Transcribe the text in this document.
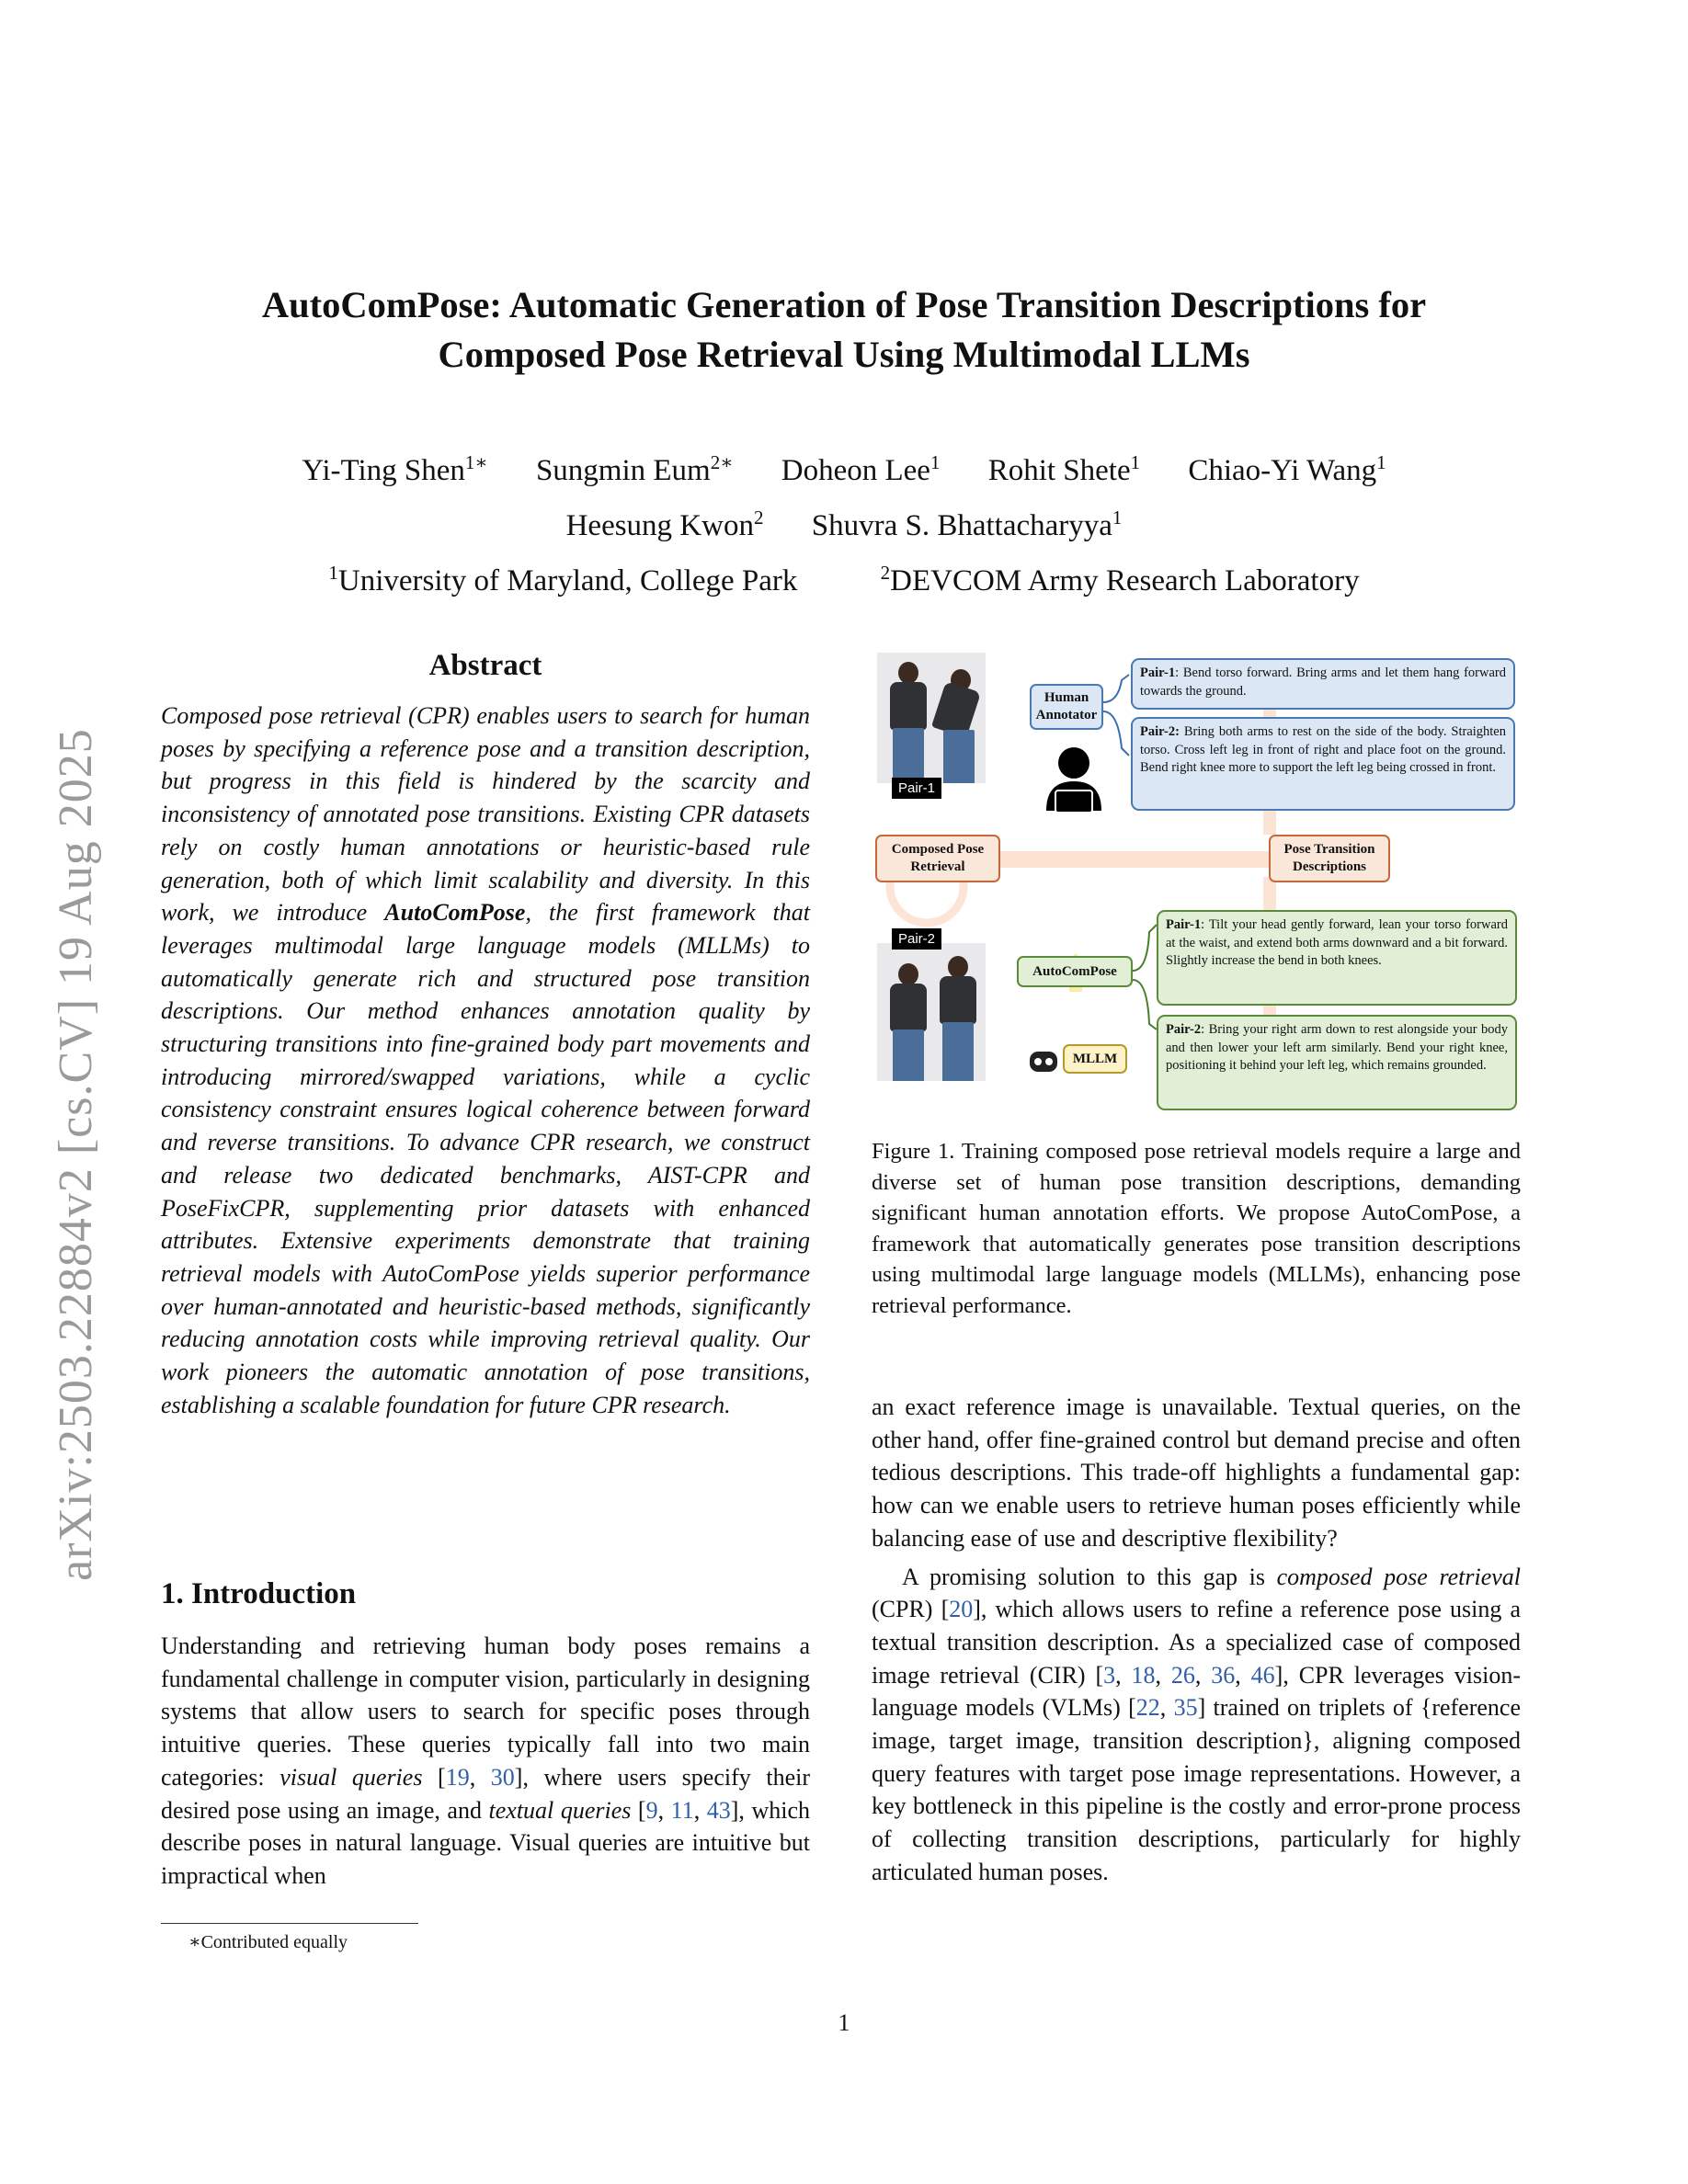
arXiv:2503.22884v2 [cs.CV] 19 Aug 2025
AutoComPose: Automatic Generation of Pose Transition Descriptions for
Composed Pose Retrieval Using Multimodal LLMs
Yi-Ting Shen$^{1∗}$ Sungmin Eum$^{2∗}$ Doheon Lee$^1$ Rohit Shete$^1$ Chiao-Yi Wang$^1$
Heesung Kwon$^2$ Shuvra S. Bhattacharyya$^1$
$^1$University of Maryland, College Park	$^2$DEVCOM Army Research Laboratory
Abstract
Composed pose retrieval (CPR) enables users to search for human poses by specifying a reference pose and a transition description, but progress in this field is hindered by the scarcity and inconsistency of annotated pose transitions. Existing CPR datasets rely on costly human annotations or heuristic-based rule generation, both of which limit scalability and diversity. In this work, we introduce AutoComPose, the first framework that leverages multimodal large language models (MLLMs) to automatically generate rich and structured pose transition descriptions. Our method enhances annotation quality by structuring transitions into fine-grained body part movements and introducing mirrored/swapped variations, while a cyclic consistency constraint ensures logical coherence between forward and reverse transitions. To advance CPR research, we construct and release two dedicated benchmarks, AIST-CPR and PoseFixCPR, supplementing prior datasets with enhanced attributes. Extensive experiments demonstrate that training retrieval models with AutoComPose yields superior performance over human-annotated and heuristic-based methods, significantly reducing annotation costs while improving retrieval quality. Our work pioneers the automatic annotation of pose transitions, establishing a scalable foundation for future CPR research.
1. Introduction
Understanding and retrieving human body poses remains a fundamental challenge in computer vision, particularly in designing systems that allow users to search for specific poses through intuitive queries. These queries typically fall into two main categories: visual queries [19, 30], where users specify their desired pose using an image, and textual queries [9, 11, 43], which describe poses in natural language. Visual queries are intuitive but impractical when
∗Contributed equally
Pair-1
Pair-2
Human Annotator
Composed Pose Retrieval
Pose Transition Descriptions
AutoComPose
MLLM
Pair-1: Bend torso forward. Bring arms and let them hang forward towards the ground.
Pair-2: Bring both arms to rest on the side of the body. Straighten torso. Cross left leg in front of right and place foot on the ground. Bend right knee more to support the left leg being crossed in front.
Pair-1: Tilt your head gently forward, lean your torso forward at the waist, and extend both arms downward and a bit forward. Slightly increase the bend in both knees.
Pair-2: Bring your right arm down to rest alongside your body and then lower your left arm similarly. Bend your right knee, positioning it behind your left leg, which remains grounded.
Figure 1. Training composed pose retrieval models require a large and diverse set of human pose transition descriptions, demanding significant human annotation efforts. We propose AutoComPose, a framework that automatically generates pose transition descriptions using multimodal large language models (MLLMs), enhancing pose retrieval performance.
an exact reference image is unavailable. Textual queries, on the other hand, offer fine-grained control but demand precise and often tedious descriptions. This trade-off highlights a fundamental gap: how can we enable users to retrieve human poses efficiently while balancing ease of use and descriptive flexibility?
A promising solution to this gap is composed pose retrieval (CPR) [20], which allows users to refine a reference pose using a textual transition description. As a specialized case of composed image retrieval (CIR) [3, 18, 26, 36, 46], CPR leverages vision-language models (VLMs) [22, 35] trained on triplets of {reference image, target image, transition description}, aligning composed query features with target pose image representations. However, a key bottleneck in this pipeline is the costly and error-prone process of collecting transition descriptions, particularly for highly articulated human poses.
1
